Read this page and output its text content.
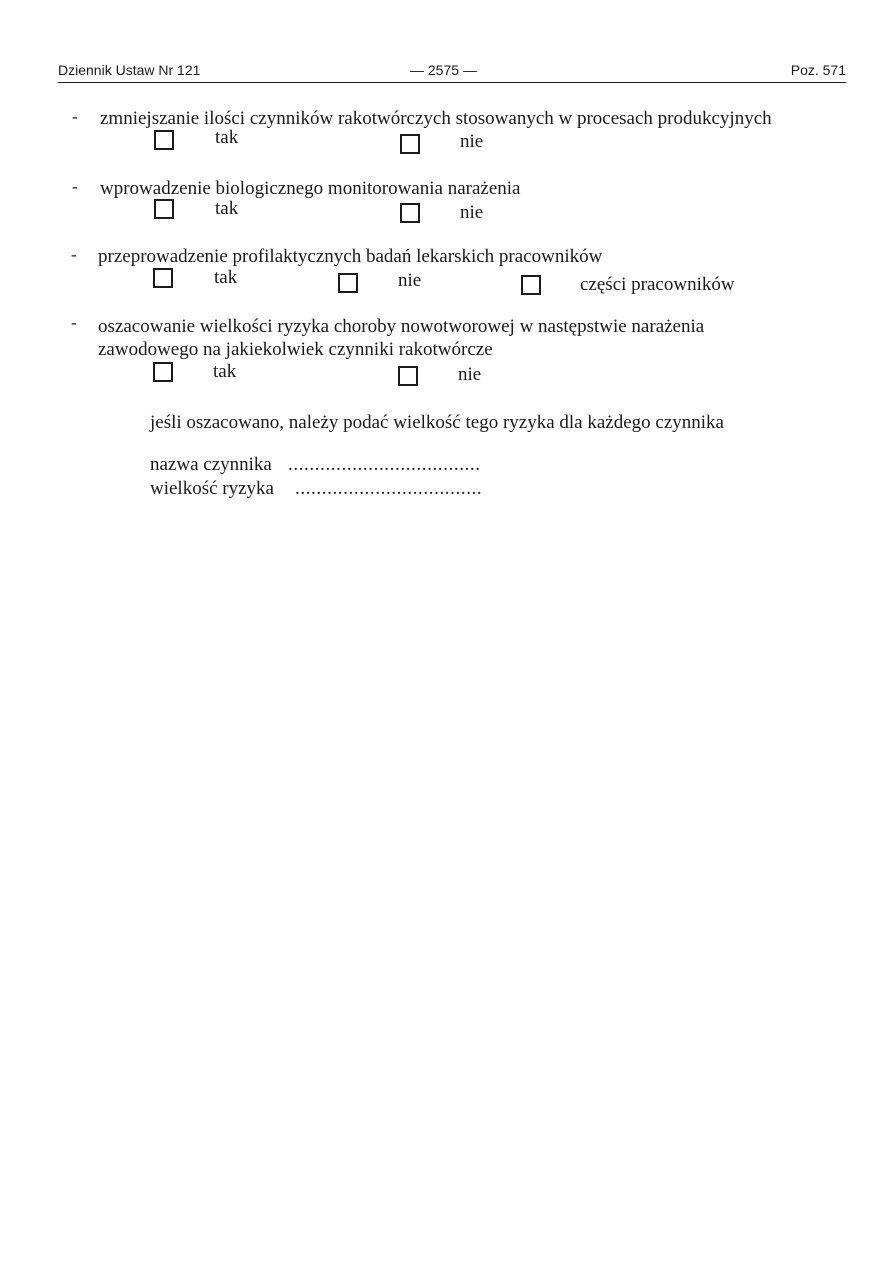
Dziennik Ustaw Nr 121	— 2575 —	Poz. 571
- zmniejszanie ilości czynników rakotwórczych stosowanych w procesach produkcyjnych
tak	nie
- wprowadzenie biologicznego monitorowania narażenia
tak	nie
- przeprowadzenie profilaktycznych badań lekarskich pracowników
tak	nie	części pracowników
- oszacowanie wielkości ryzyka choroby nowotworowej w następstwie narażenia
zawodowego na jakiekolwiek czynniki rakotwórcze
tak	nie
jeśli oszacowano, należy podać wielkość tego ryzyka dla każdego czynnika
nazwa czynnika ....................................
wielkość ryzyka ...................................
